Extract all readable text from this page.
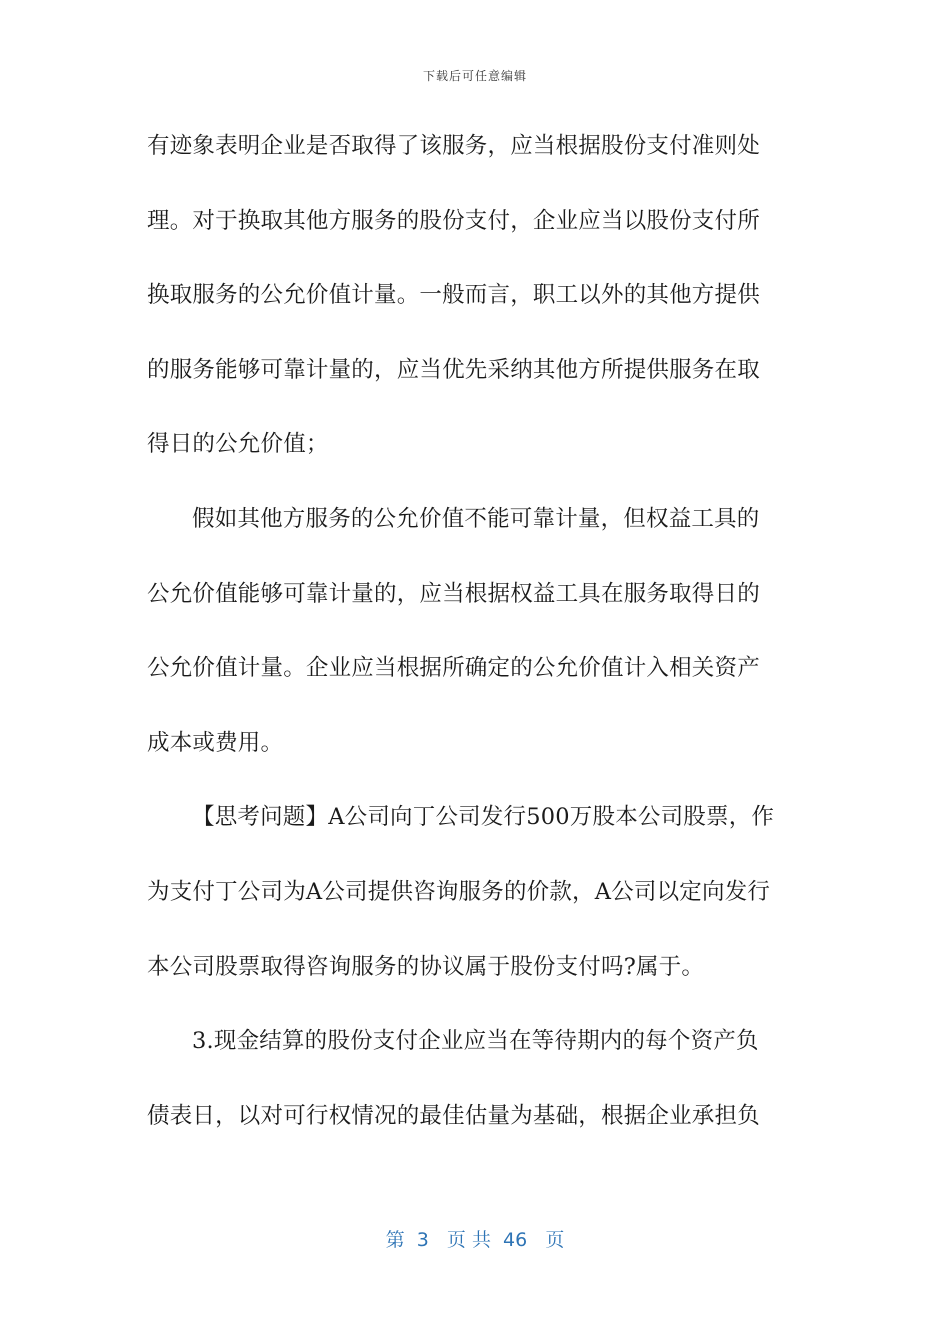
下载后可任意编辑
有迹象表明企业是否取得了该服务，应当根据股份支付准则处
理。对于换取其他方服务的股份支付，企业应当以股份支付所
换取服务的公允价值计量。一般而言，职工以外的其他方提供
的服务能够可靠计量的，应当优先采纳其他方所提供服务在取
得日的公允价值；
假如其他方服务的公允价值不能可靠计量，但权益工具的
公允价值能够可靠计量的，应当根据权益工具在服务取得日的
公允价值计量。企业应当根据所确定的公允价值计入相关资产
成本或费用。
【思考问题】A公司向丁公司发行500万股本公司股票，作
为支付丁公司为A公司提供咨询服务的价款，A公司以定向发行
本公司股票取得咨询服务的协议属于股份支付吗?属于。
3.现金结算的股份支付企业应当在等待期内的每个资产负
债表日，以对可行权情况的最佳估量为基础，根据企业承担负
第  3   页 共  46   页
